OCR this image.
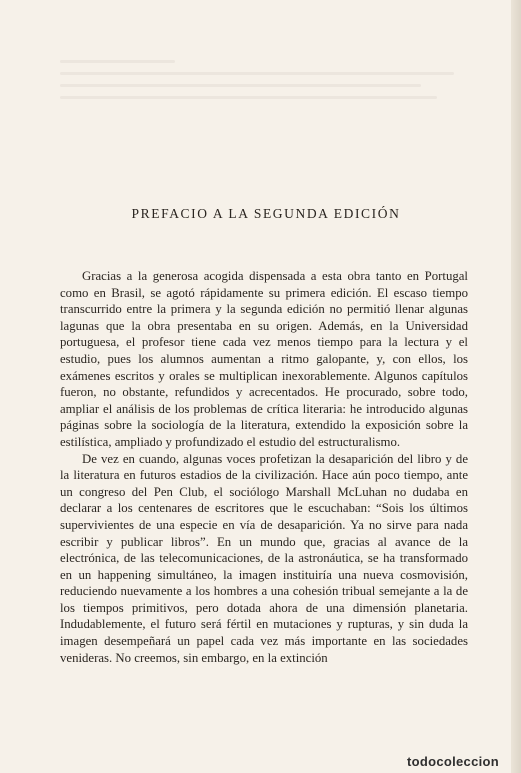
PREFACIO A LA SEGUNDA EDICIÓN

Gracias a la generosa acogida dispensada a esta obra tanto en Portugal como en Brasil, se agotó rápidamente su primera edición. El escaso tiempo transcurrido entre la primera y la segunda edición no permitió llenar algunas lagunas que la obra presentaba en su origen. Además, en la Universidad portuguesa, el profesor tiene cada vez menos tiempo para la lectura y el estudio, pues los alumnos aumentan a ritmo galopante, y, con ellos, los exámenes escritos y orales se multiplican inexorablemente. Algunos capítulos fueron, no obstante, refundidos y acrecentados. He procurado, sobre todo, ampliar el análisis de los problemas de crítica literaria: he introducido algunas páginas sobre la sociología de la literatura, extendido la exposición sobre la estilística, ampliado y profundizado el estudio del estructuralismo.

De vez en cuando, algunas voces profetizan la desaparición del libro y de la literatura en futuros estadios de la civilización. Hace aún poco tiempo, ante un congreso del Pen Club, el sociólogo Marshall McLuhan no dudaba en declarar a los centenares de escritores que le escuchaban: “Sois los últimos supervivientes de una especie en vía de desaparición. Ya no sirve para nada escribir y publicar libros”. En un mundo que, gracias al avance de la electrónica, de las telecomunicaciones, de la astronáutica, se ha transformado en un happening simultáneo, la imagen instituiría una nueva cosmovisión, reduciendo nuevamente a los hombres a una cohesión tribual semejante a la de los tiempos primitivos, pero dotada ahora de una dimensión planetaria. Indudablemente, el futuro será fértil en mutaciones y rupturas, y sin duda la imagen desempeñará un papel cada vez más importante en las sociedades venideras. No creemos, sin embargo, en la extinción

todocoleccion
